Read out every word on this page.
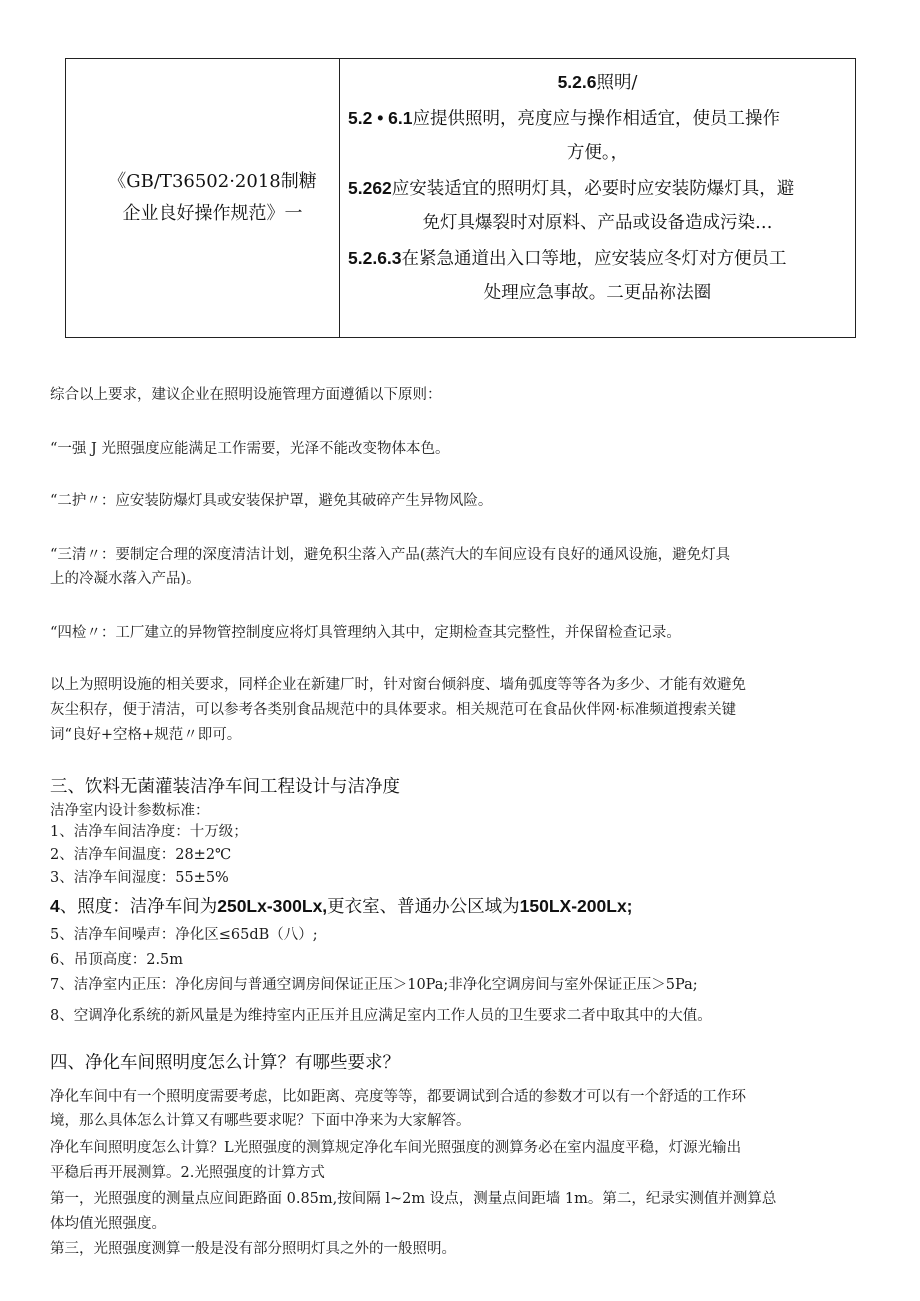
《GB/T36502·2018制糖
企业良好操作规范》一
5.2.6照明/
5.2 • 6.1应提供照明，亮度应与操作相适宜，使员工操作
方便。，
5.262应安装适宜的照明灯具，必要时应安装防爆灯具，避
免灯具爆裂时对原料、产品或设备造成污染…
5.2.6.3在紧急通道出入口等地，应安装应冬灯对方便员工
处理应急事故。二更品祢法圈
综合以上要求，建议企业在照明设施管理方面遵循以下原则：
“一强 J 光照强度应能满足工作需要，光泽不能改变物体本色。
“二护〃：应安装防爆灯具或安装保护罩，避免其破碎产生异物风险。
“三清〃：要制定合理的深度清洁计划，避免积尘落入产品(蒸汽大的车间应设有良好的通风设施，避免灯具
上的冷凝水落入产品)。
“四检〃：工厂建立的异物管控制度应将灯具管理纳入其中，定期检查其完整性，并保留检查记录。
以上为照明设施的相关要求，同样企业在新建厂时，针对窗台倾斜度、墙角弧度等等各为多少、才能有效避免
灰尘积存，便于清洁，可以参考各类别食品规范中的具体要求。相关规范可在食品伙伴网·标准频道搜索关键
词“良好+空格+规范〃即可。
三、饮料无菌灌装洁净车间工程设计与洁净度
洁净室内设计参数标准：
1、洁净车间洁净度：十万级；
2、洁净车间温度：28±2℃
3、洁净车间湿度：55±5%
4、照度：洁净车间为250Lx-300Lx,更衣室、普通办公区域为150LX-200Lx;
5、洁净车间噪声：净化区≤65dB（八）;
6、吊顶高度：2.5m
7、洁净室内正压：净化房间与普通空调房间保证正压＞10Pa;非净化空调房间与室外保证正压＞5Pa;
8、空调净化系统的新风量是为维持室内正压并且应满足室内工作人员的卫生要求二者中取其中的大值。
四、净化车间照明度怎么计算？有哪些要求？
净化车间中有一个照明度需要考虑，比如距离、亮度等等，都要调试到合适的参数才可以有一个舒适的工作环
境，那么具体怎么计算又有哪些要求呢？下面中净来为大家解答。
净化车间照明度怎么计算？L光照强度的测算规定净化车间光照强度的测算务必在室内温度平稳，灯源光输出
平稳后再开展测算。2.光照强度的计算方式
第一，光照强度的测量点应间距路面 0.85m,按间隔 l~2m 设点，测量点间距墙 1m。第二，纪录实测值并测算总
体均值光照强度。
第三，光照强度测算一般是没有部分照明灯具之外的一般照明。
